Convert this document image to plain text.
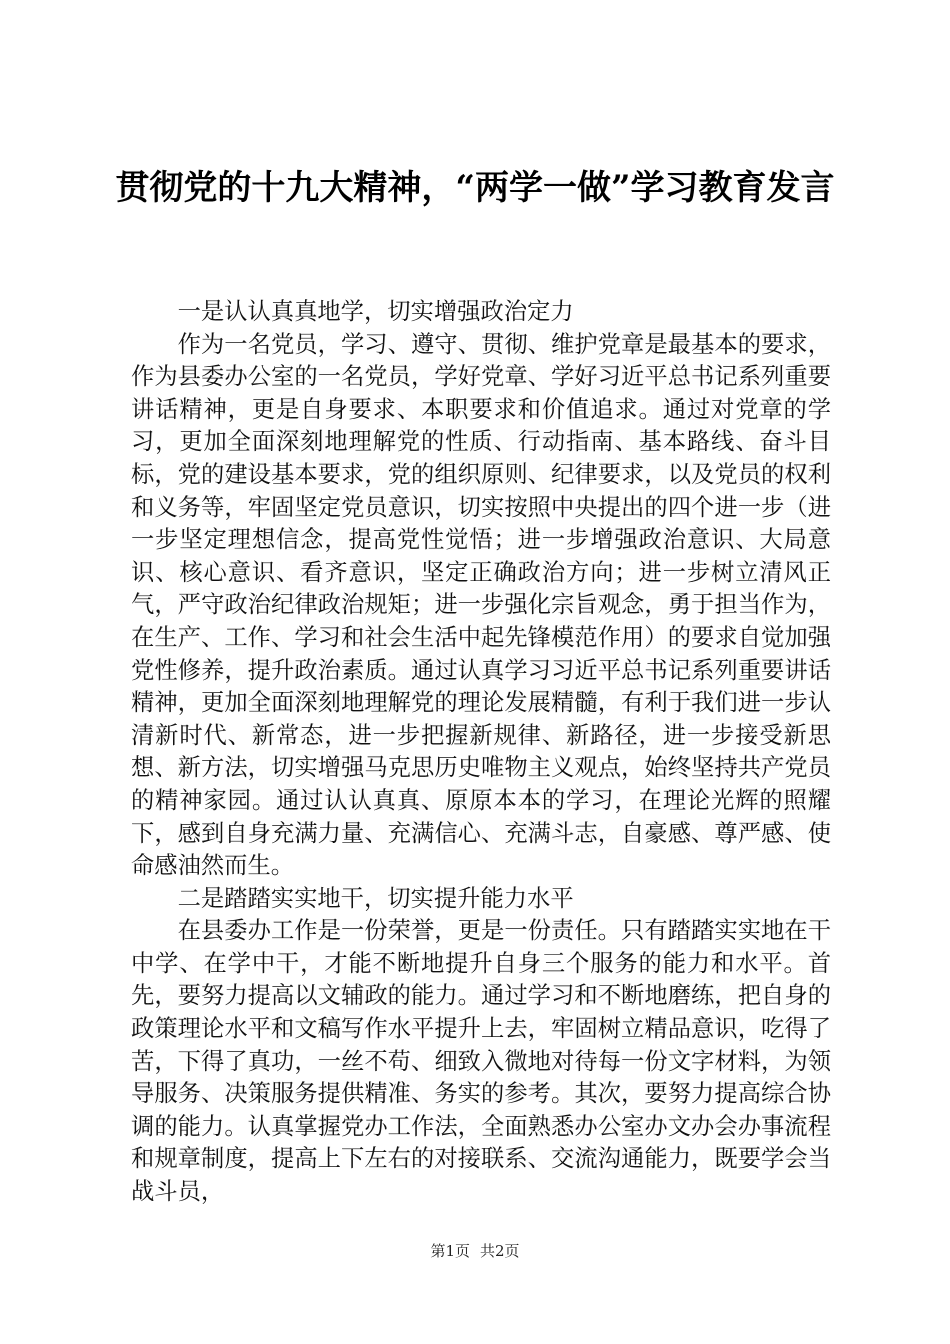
贯彻党的十九大精神，“两学一做”学习教育发言

一是认认真真地学，切实增强政治定力

作为一名党员，学习、遵守、贯彻、维护党章是最基本的要求，作为县委办公室的一名党员，学好党章、学好习近平总书记系列重要讲话精神，更是自身要求、本职要求和价值追求。通过对党章的学习，更加全面深刻地理解党的性质、行动指南、基本路线、奋斗目标，党的建设基本要求，党的组织原则、纪律要求，以及党员的权利和义务等，牢固坚定党员意识，切实按照中央提出的四个进一步（进一步坚定理想信念，提高党性觉悟；进一步增强政治意识、大局意识、核心意识、看齐意识，坚定正确政治方向；进一步树立清风正气，严守政治纪律政治规矩；进一步强化宗旨观念，勇于担当作为，在生产、工作、学习和社会生活中起先锋模范作用）的要求自觉加强党性修养，提升政治素质。通过认真学习习近平总书记系列重要讲话精神，更加全面深刻地理解党的理论发展精髓，有利于我们进一步认清新时代、新常态，进一步把握新规律、新路径，进一步接受新思想、新方法，切实增强马克思历史唯物主义观点，始终坚持共产党员的精神家园。通过认认真真、原原本本的学习，在理论光辉的照耀下，感到自身充满力量、充满信心、充满斗志，自豪感、尊严感、使命感油然而生。

二是踏踏实实地干，切实提升能力水平

在县委办工作是一份荣誉，更是一份责任。只有踏踏实实地在干中学、在学中干，才能不断地提升自身三个服务的能力和水平。首先，要努力提高以文辅政的能力。通过学习和不断地磨练，把自身的政策理论水平和文稿写作水平提升上去，牢固树立精品意识，吃得了苦，下得了真功，一丝不苟、细致入微地对待每一份文字材料，为领导服务、决策服务提供精准、务实的参考。其次，要努力提高综合协调的能力。认真掌握党办工作法，全面熟悉办公室办文办会办事流程和规章制度，提高上下左右的对接联系、交流沟通能力，既要学会当战斗员，

第1页 共2页
